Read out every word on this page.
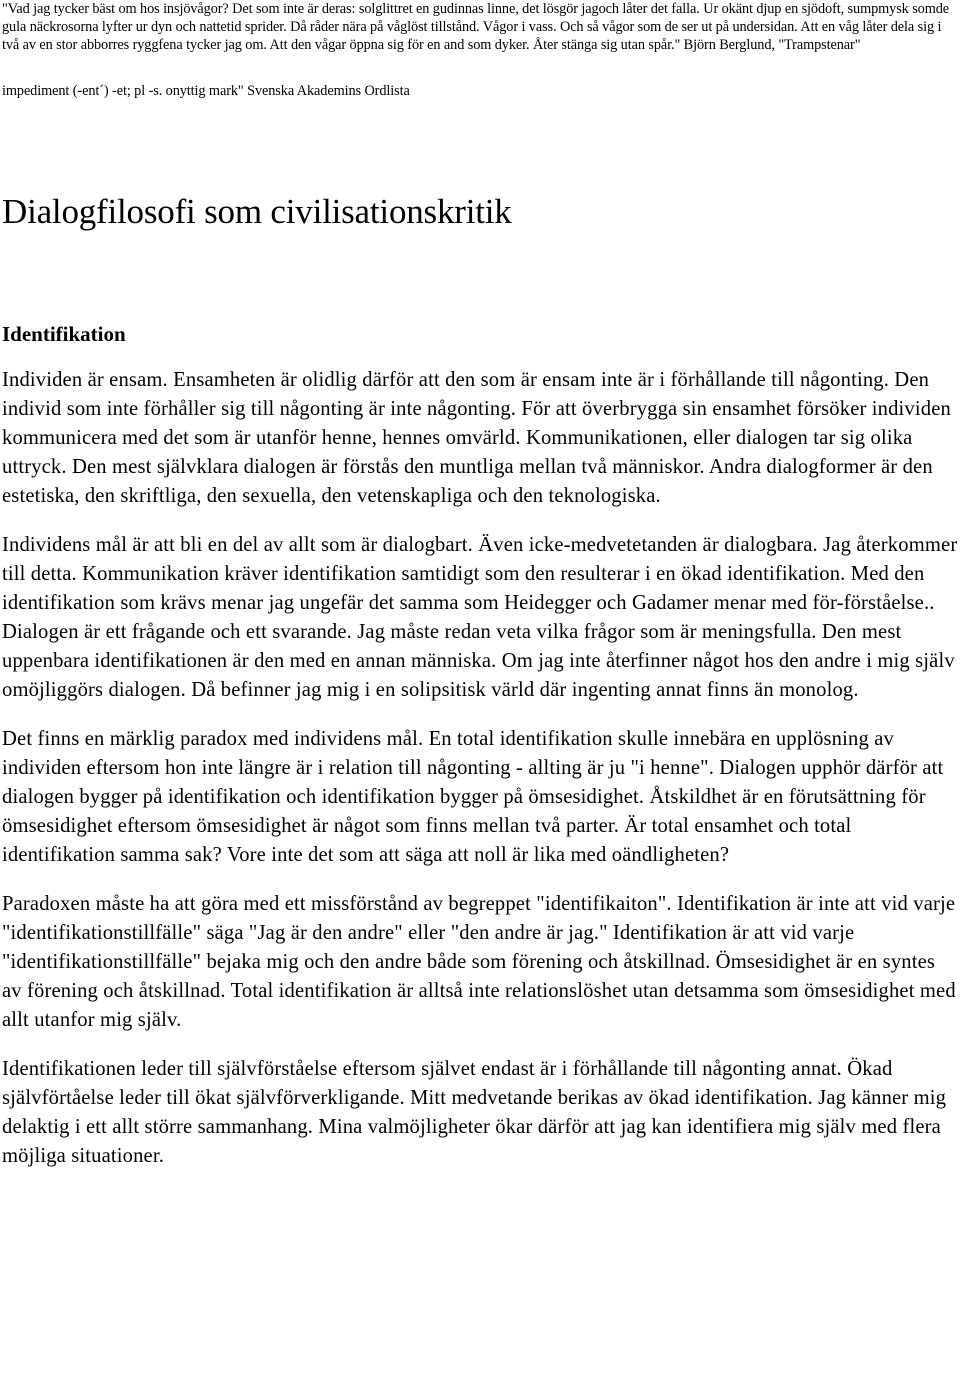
"Vad jag tycker bäst om hos insjövågor? Det som inte är deras: solglittret en gudinnas linne, det lösgör jagoch låter det falla. Ur okänt djup en sjödoft, sumpmysk somde gula näckrosorna lyfter ur dyn och nattetid sprider. Då råder nära på våglöst tillstånd. Vågor i vass. Och så vågor som de ser ut på undersidan. Att en våg låter dela sig i två av en stor abborres ryggfena tycker jag om. Att den vågar öppna sig för en and som dyker. Åter stänga sig utan spår." Björn Berglund, "Trampstenar"

impediment (-ent´) -et; pl -s. onyttig mark" Svenska Akademins Ordlista

Dialogfilosofi som civilisationskritik
Identifikation

Individen är ensam. Ensamheten är olidlig därför att den som är ensam inte är i förhållande till någonting. Den individ som inte förhåller sig till någonting är inte någonting. För att överbrygga sin ensamhet försöker individen kommunicera med det som är utanför henne, hennes omvärld. Kommunikationen, eller dialogen tar sig olika uttryck. Den mest självklara dialogen är förstås den muntliga mellan två människor. Andra dialogformer är den estetiska, den skriftliga, den sexuella, den vetenskapliga och den teknologiska.

Individens mål är att bli en del av allt som är dialogbart. Även icke-medvetetanden är dialogbara. Jag återkommer till detta. Kommunikation kräver identifikation samtidigt som den resulterar i en ökad identifikation. Med den identifikation som krävs menar jag ungefär det samma som Heidegger och Gadamer menar med för-förståelse.. Dialogen är ett frågande och ett svarande. Jag måste redan veta vilka frågor som är meningsfulla. Den mest uppenbara identifikationen är den med en annan människa. Om jag inte återfinner något hos den andre i mig själv omöjliggörs dialogen. Då befinner jag mig i en solipsitisk värld där ingenting annat finns än monolog.

Det finns en märklig paradox med individens mål. En total identifikation skulle innebära en upplösning av individen eftersom hon inte längre är i relation till någonting - allting är ju "i henne". Dialogen upphör därför att dialogen bygger på identifikation och identifikation bygger på ömsesidighet. Åtskildhet är en förutsättning för ömsesidighet eftersom ömsesidighet är något som finns mellan två parter. Är total ensamhet och total identifikation samma sak? Vore inte det som att säga att noll är lika med oändligheten?

Paradoxen måste ha att göra med ett missförstånd av begreppet "identifikaiton". Identifikation är inte att vid varje "identifikationstillfälle" säga "Jag är den andre" eller "den andre är jag." Identifikation är att vid varje "identifikationstillfälle" bejaka mig och den andre både som förening och åtskillnad. Ömsesidighet är en syntes av förening och åtskillnad. Total identifikation är alltså inte relationslöshet utan detsamma som ömsesidighet med allt utanfor mig själv.

Identifikationen leder till självförståelse eftersom självet endast är i förhållande till någonting annat. Ökad självförtåelse leder till ökat självförverkligande. Mitt medvetande berikas av ökad identifikation. Jag känner mig delaktig i ett allt större sammanhang. Mina valmöjligheter ökar därför att jag kan identifiera mig själv med flera möjliga situationer.
